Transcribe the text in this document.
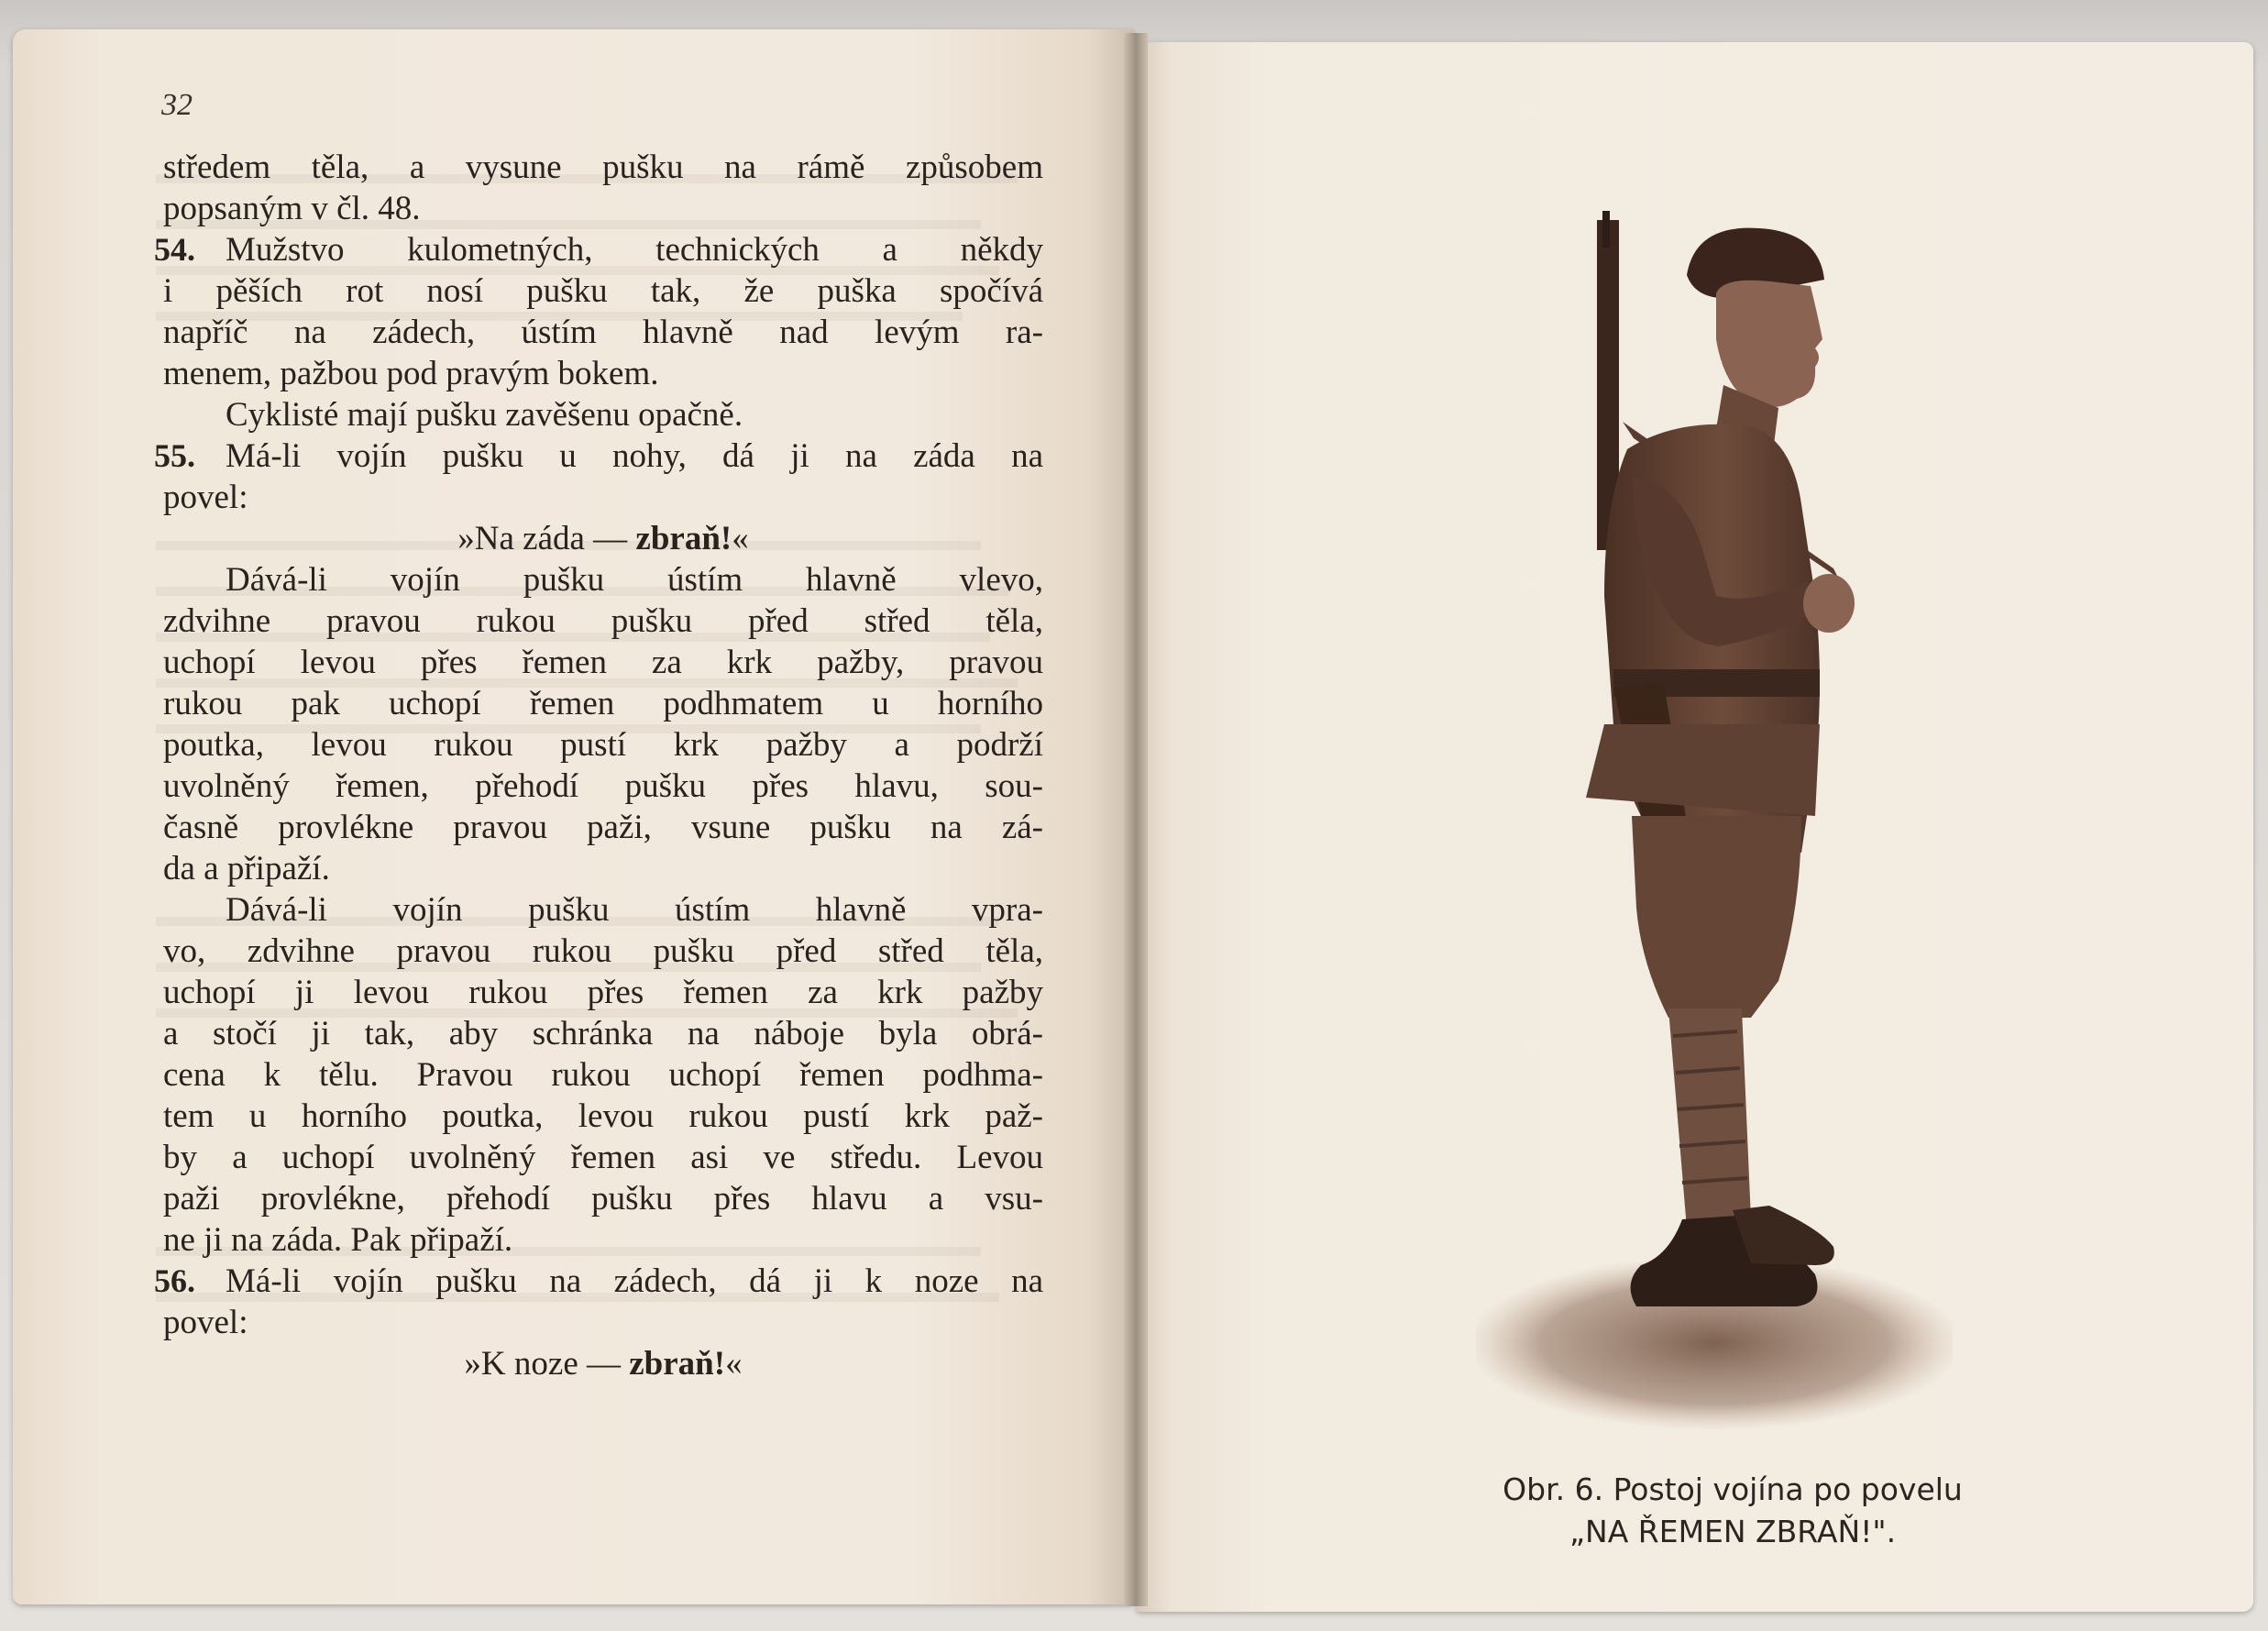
32
středem těla, a vysune pušku na rámě způsobem
popsaným v čl. 48.
54. Mužstvo kulometných, technických a někdy
i pěších rot nosí pušku tak, že puška spočívá
napříč na zádech, ústím hlavně nad levým ra-
menem, pažbou pod pravým bokem.
Cyklisté mají pušku zavěšenu opačně.
55. Má-li vojín pušku u nohy, dá ji na záda na
povel:
»Na záda — zbraň!«
Dává-li vojín pušku ústím hlavně vlevo,
zdvihne pravou rukou pušku před střed těla,
uchopí levou přes řemen za krk pažby, pravou
rukou pak uchopí řemen podhmatem u horního
poutka, levou rukou pustí krk pažby a podrží
uvolněný řemen, přehodí pušku přes hlavu, sou-
časně provlékne pravou paži, vsune pušku na zá-
da a připaží.
Dává-li vojín pušku ústím hlavně vpra-
vo, zdvihne pravou rukou pušku před střed těla,
uchopí ji levou rukou přes řemen za krk pažby
a stočí ji tak, aby schránka na náboje byla obrá-
cena k tělu. Pravou rukou uchopí řemen podhma-
tem u horního poutka, levou rukou pustí krk paž-
by a uchopí uvolněný řemen asi ve středu. Levou
paži provlékne, přehodí pušku přes hlavu a vsu-
ne ji na záda. Pak připaží.
56. Má-li vojín pušku na zádech, dá ji k noze na
povel:
»K noze — zbraň!«
Obr. 6. Postoj vojína po povelu
„NA ŘEMEN ZBRAŇ!".
